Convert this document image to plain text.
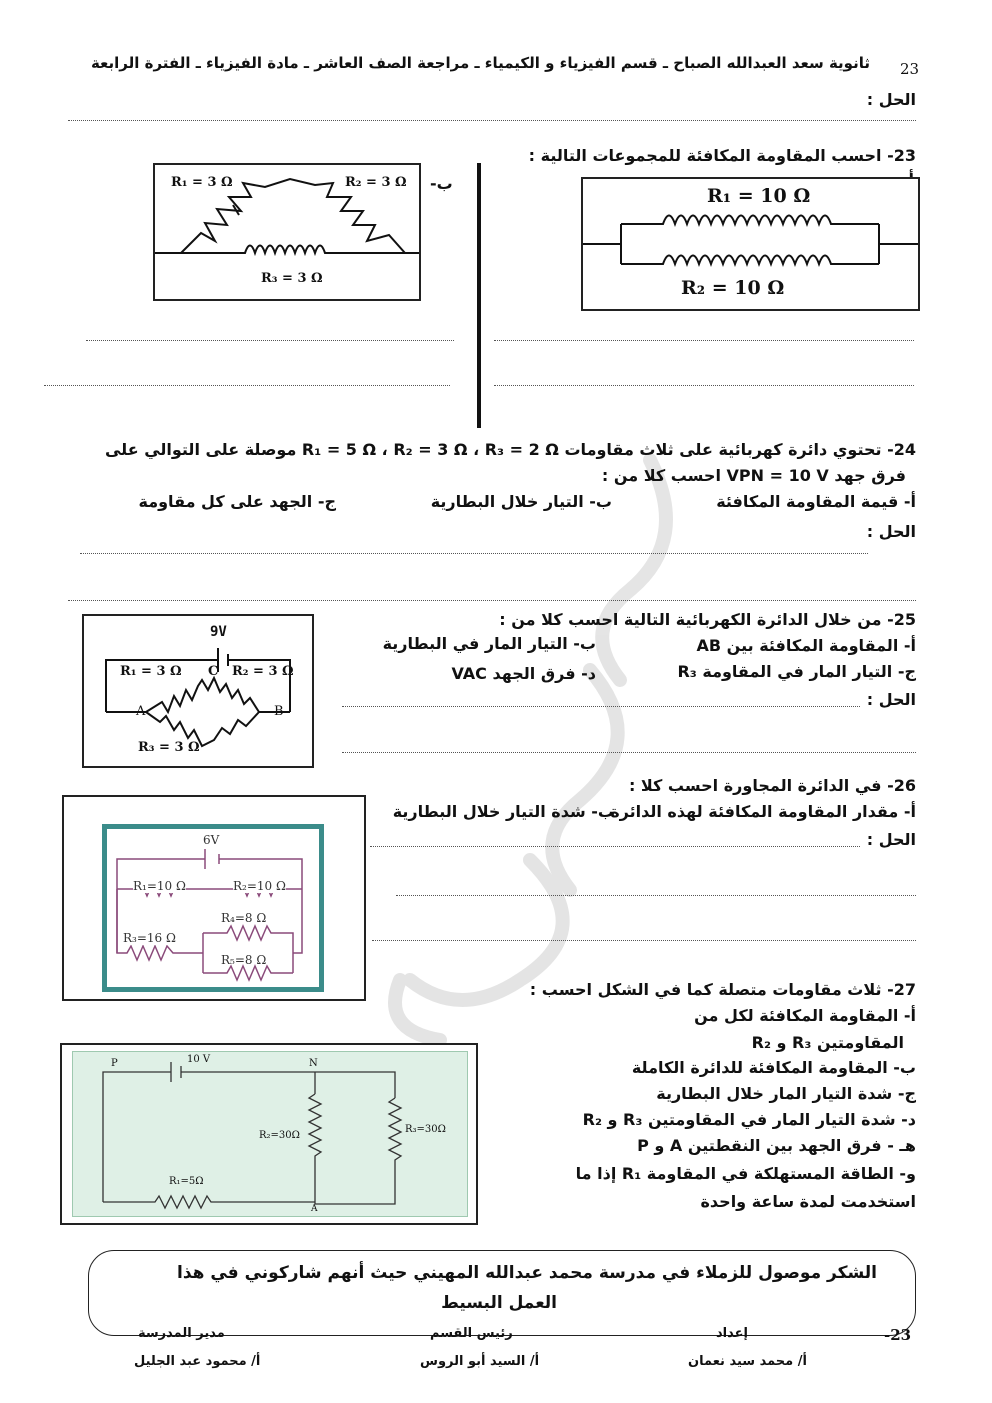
23
ثانوية سعد العبدالله الصباح ـ قسم الفيزياء و الكيمياء ـ مراجعة الصف العاشر ـ مادة الفيزياء ـ الفترة الرابعة
الحل :
23- احسب المقاومة المكافئة للمجموعات التالية :
ب-
R₁ = 10 Ω
R₂ = 10 Ω
R₁ = 3 Ω	R₂ = 3 Ω
R₃ = 3 Ω
24- تحتوي دائرة كهربائية على ثلاث مقاومات R₁ = 5 Ω ، R₂ = 3 Ω ، R₃ = 2 Ω موصلة على التوالي على
فرق جهد VPN = 10 V احسب كلا من :
أ- قيمة المقاومة المكافئة
ب- التيار خلال البطارية
ج- الجهد على كل مقاومة
الحل :
25- من خلال الدائرة الكهربائية التالية احسب كلا من :
أ- المقاومة المكافئة بين AB
ب- التيار المار في البطارية
ج- التيار المار في المقاومة R₃
د- فرق الجهد VAC
الحل :
9V
R₁ = 3 Ω C R₂ = 3 Ω
A	B
R₃ = 3 Ω
26- في الدائرة المجاورة احسب كلا :
أ- مقدار المقاومة المكافئة لهذه الدائرة
ب- شدة التيار خلال البطارية
الحل :
6V
R₁=10 Ω	R₂=10 Ω
R₄=8 Ω
R₃=16 Ω
R₅=8 Ω
27- ثلاث مقاومات متصلة كما في الشكل احسب :
أ- المقاومة المكافئة لكل من
المقاومتين R₃ و R₂
ب- المقاومة المكافئة للدائرة الكاملة
ج- شدة التيار المار خلال البطارية
د- شدة التيار المار في المقاومتين R₃ و R₂
هـ - فرق الجهد بين النقطتين A و P
و- الطاقة المستهلكة في المقاومة R₁ إذا ما
استخدمت لمدة ساعة واحدة
P	10 V	N
R₂=30Ω
R₃=30Ω
R₁=5Ω
A
الشكر موصول للزملاء في مدرسة محمد عبدالله المهيني حيث أنهم شاركوني في هذا
العمل البسيط
-23
إعداد
رئيس القسم
مدير المدرسة
أ/ محمد سيد نعمان
أ/ السيد أبو الروس
أ/ محمود عبد الجليل
